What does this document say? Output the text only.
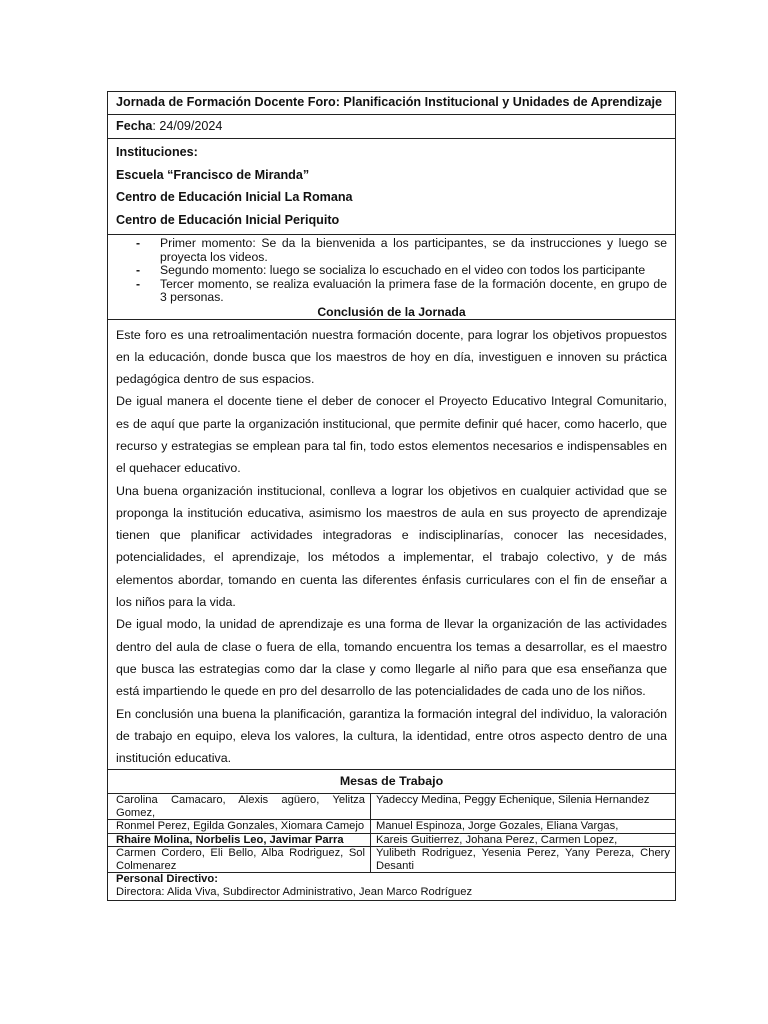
Jornada de Formación Docente Foro: Planificación Institucional y Unidades de Aprendizaje
Fecha: 24/09/2024
Instituciones:
Escuela “Francisco de Miranda”
Centro de Educación Inicial La Romana
Centro de Educación Inicial Periquito
- Primer momento: Se da la bienvenida a los participantes, se da instrucciones y luego se proyecta los videos.
- Segundo momento: luego se socializa lo escuchado en el video con todos los participante
- Tercer momento, se realiza evaluación la primera fase de la formación docente, en grupo de 3 personas.
Conclusión de la Jornada

Este foro es una retroalimentación nuestra formación docente, para lograr los objetivos propuestos en la educación, donde busca que los maestros de hoy en día, investiguen e innoven su práctica pedagógica dentro de sus espacios.

De igual manera el docente tiene el deber de conocer el Proyecto Educativo Integral Comunitario, es de aquí que parte la organización institucional, que permite definir qué hacer, como hacerlo, que recurso y estrategias se emplean para tal fin, todo estos elementos necesarios e indispensables en el quehacer educativo.

Una buena organización institucional, conlleva a lograr los objetivos en cualquier actividad que se proponga la institución educativa, asimismo los maestros de aula en sus proyecto de aprendizaje tienen que planificar actividades integradoras e indisciplinarías, conocer las necesidades, potencialidades, el aprendizaje, los métodos a implementar, el trabajo colectivo, y de más elementos abordar, tomando en cuenta las diferentes énfasis curriculares con el fin de enseñar a los niños para la vida.

De igual modo, la unidad de aprendizaje es una forma de llevar la organización de las actividades dentro del aula de clase o fuera de ella, tomando encuentra los temas a desarrollar, es el maestro que busca las estrategias como dar la clase y como llegarle al niño para que esa enseñanza que está impartiendo le quede en pro del desarrollo de las potencialidades de cada uno de los niños.

En conclusión una buena la planificación, garantiza la formación integral del individuo, la valoración de trabajo en equipo, eleva los valores, la cultura, la identidad, entre otros aspecto dentro de una institución educativa.

Mesas de Trabajo
Carolina Camacaro, Alexis agüero, Yelitza Gomez,
Yadeccy Medina, Peggy Echenique, Silenia Hernandez
Ronmel Perez, Egilda Gonzales, Xiomara Camejo	Manuel Espinoza, Jorge Gozales, Eliana Vargas,
Rhaire Molina, Norbelis Leo, Javimar Parra	Kareis Guitierrez, Johana Perez, Carmen Lopez,
Carmen Cordero, Eli Bello, Alba Rodriguez, Sol Colmenarez
Yulibeth Rodriguez, Yesenia Perez, Yany Pereza, Chery Desanti
Personal Directivo:
Directora: Alida Viva, Subdirector Administrativo, Jean Marco Rodríguez
